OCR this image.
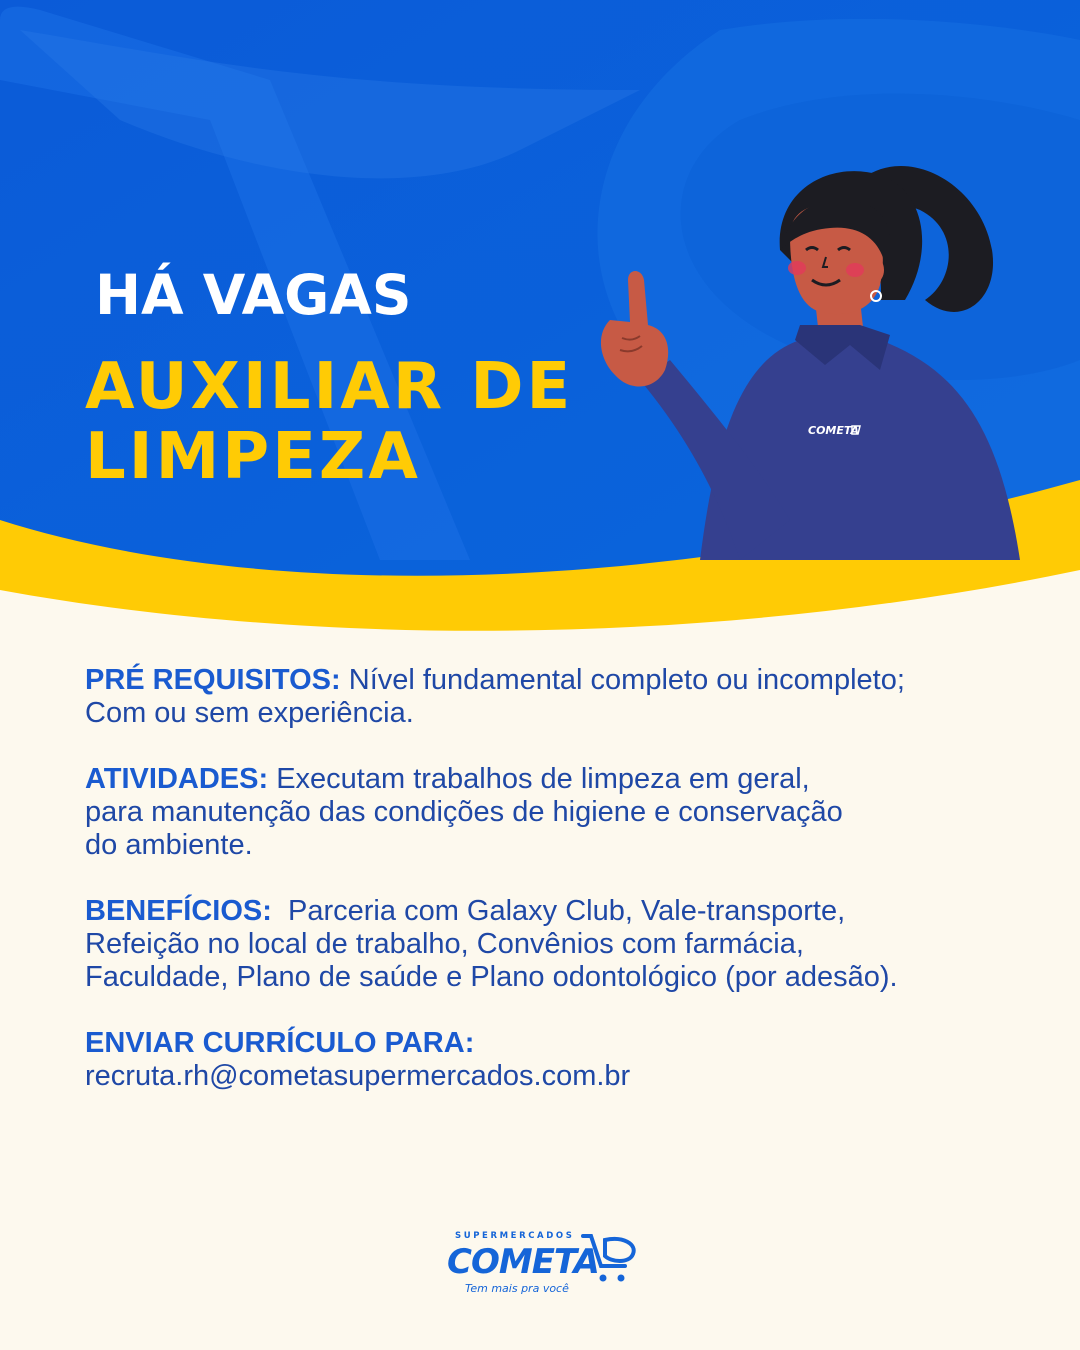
HÁ VAGAS
AUXILIAR DE
LIMPEZA	COMETA
PRÉ REQUISITOS: Nível fundamental completo ou incompleto;
Com ou sem experiência.
ATIVIDADES: Executam trabalhos de limpeza em geral,
para manutenção das condições de higiene e conservação
do ambiente.
BENEFÍCIOS:  Parceria com Galaxy Club, Vale-transporte,
Refeição no local de trabalho, Convênios com farmácia,
Faculdade, Plano de saúde e Plano odontológico (por adesão).
ENVIAR CURRÍCULO PARA:
recruta.rh@cometasupermercados.com.br
SUPERMERCADOS
COMETA
Tem mais pra você
